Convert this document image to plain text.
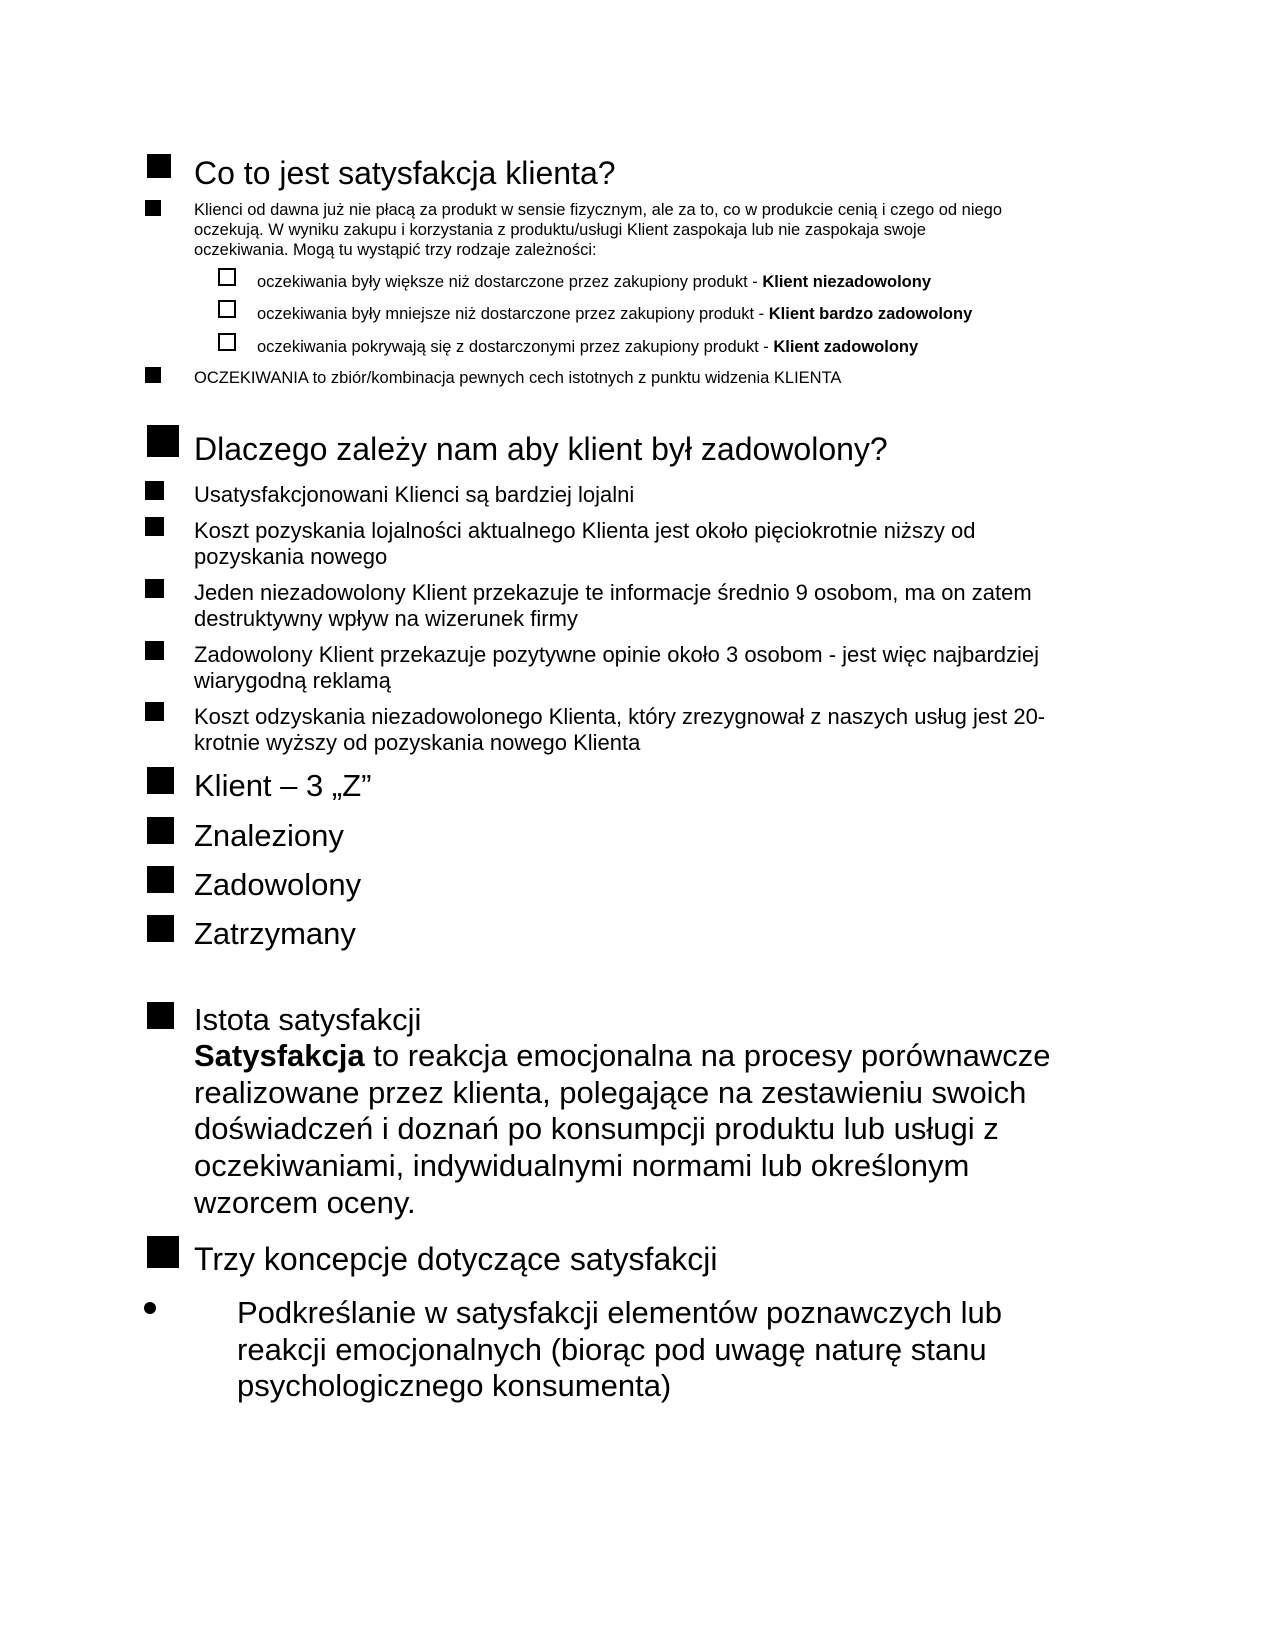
Co to jest satysfakcja klienta?
Klienci od dawna już nie płacą za produkt w sensie fizycznym, ale za to, co w produkcie cenią i czego od niego
oczekują. W wyniku zakupu i korzystania z produktu/usługi Klient zaspokaja lub nie zaspokaja swoje
oczekiwania. Mogą tu wystąpić trzy rodzaje zależności:
oczekiwania były większe niż dostarczone przez zakupiony produkt - Klient niezadowolony
oczekiwania były mniejsze niż dostarczone przez zakupiony produkt - Klient bardzo zadowolony
oczekiwania pokrywają się z dostarczonymi przez zakupiony produkt - Klient zadowolony
OCZEKIWANIA to zbiór/kombinacja pewnych cech istotnych z punktu widzenia KLIENTA
Dlaczego zależy nam aby klient był zadowolony?
Usatysfakcjonowani Klienci są bardziej lojalni
Koszt pozyskania lojalności aktualnego Klienta jest około pięciokrotnie niższy od
pozyskania nowego
Jeden niezadowolony Klient przekazuje te informacje średnio 9 osobom, ma on zatem
destruktywny wpływ na wizerunek firmy
Zadowolony Klient przekazuje pozytywne opinie około 3 osobom - jest więc najbardziej
wiarygodną reklamą
Koszt odzyskania niezadowolonego Klienta, który zrezygnował z naszych usług jest 20-
krotnie wyższy od pozyskania nowego Klienta
Klient – 3 „Z”
Znaleziony
Zadowolony
Zatrzymany
Istota satysfakcji
Satysfakcja to reakcja emocjonalna na procesy porównawcze
realizowane przez klienta, polegające na zestawieniu swoich
doświadczeń i doznań po konsumpcji produktu lub usługi z
oczekiwaniami, indywidualnymi normami lub określonym
wzorcem oceny.
Trzy koncepcje dotyczące satysfakcji
Podkreślanie w satysfakcji elementów poznawczych lub
reakcji emocjonalnych (biorąc pod uwagę naturę stanu
psychologicznego konsumenta)
